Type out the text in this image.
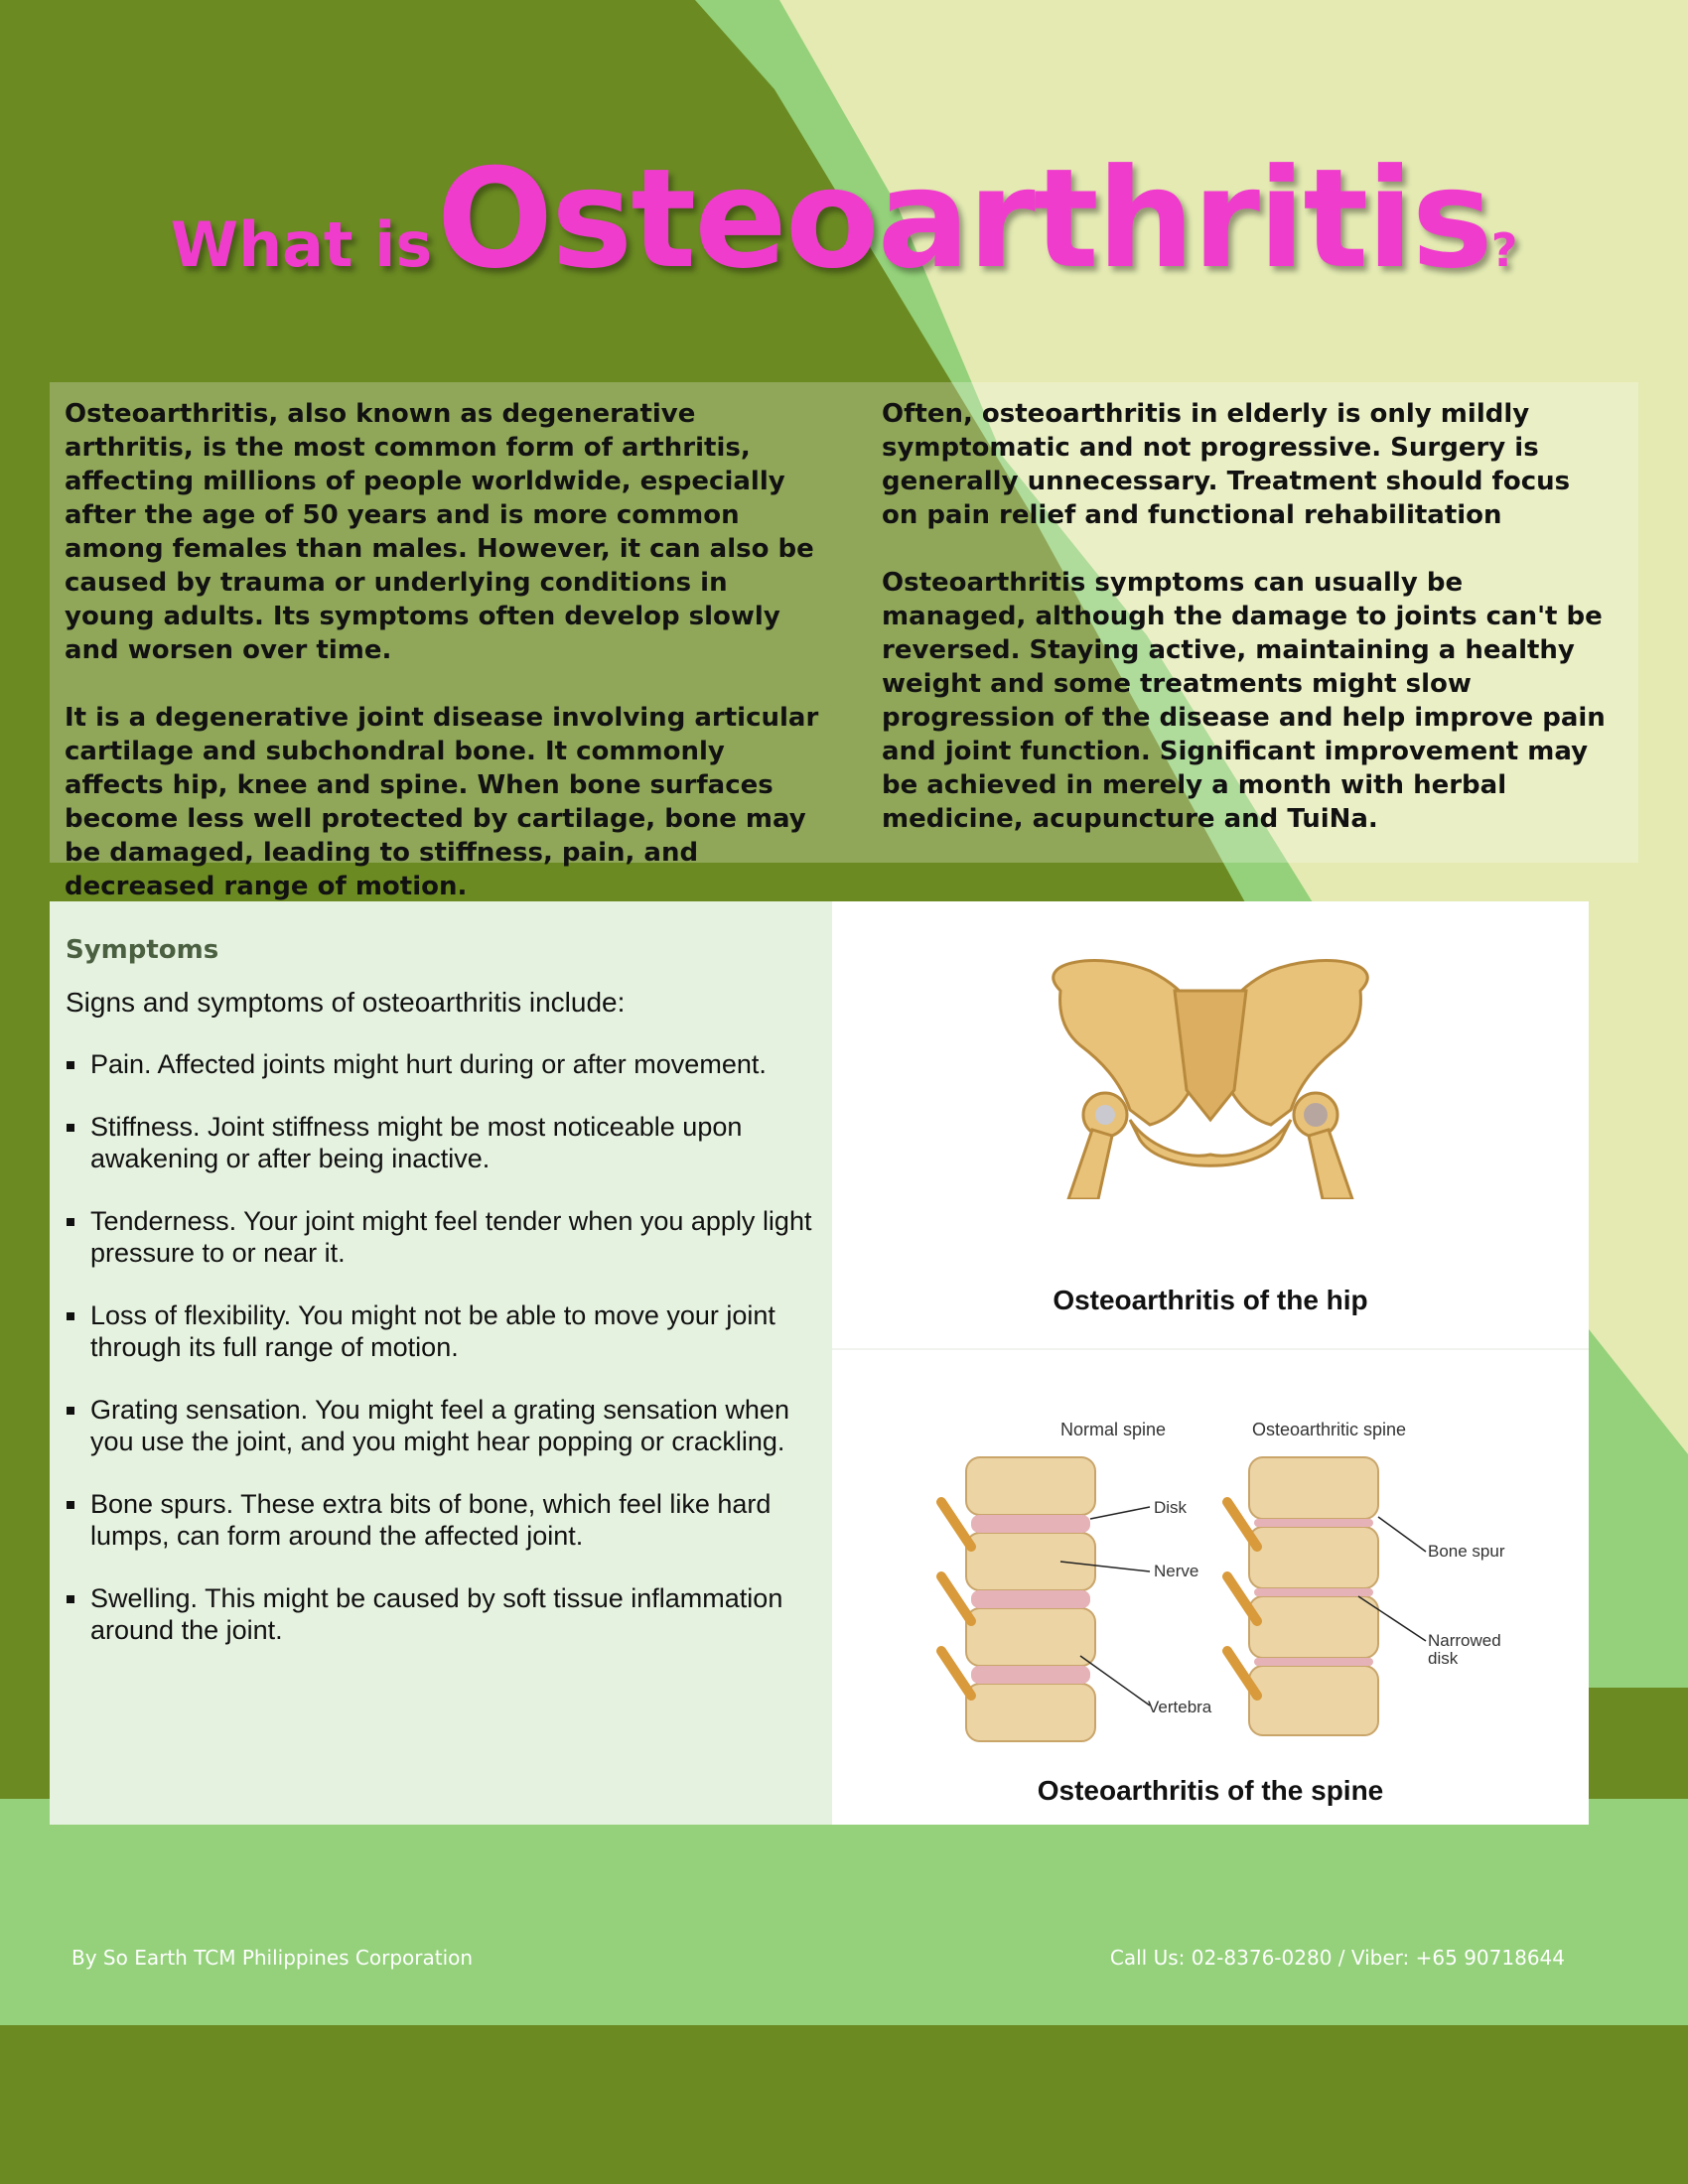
What is Osteoarthritis?

Osteoarthritis, also known as degenerative arthritis, is the most common form of arthritis, affecting millions of people worldwide, especially after the age of 50 years and is more common among females than males. However, it can also be caused by trauma or underlying conditions in young adults. Its symptoms often develop slowly and worsen over time.

It is a degenerative joint disease involving articular cartilage and subchondral bone. It commonly affects hip, knee and spine. When bone surfaces become less well protected by cartilage, bone may be damaged, leading to stiffness, pain, and decreased range of motion.

Often, osteoarthritis in elderly is only mildly symptomatic and not progressive. Surgery is generally unnecessary. Treatment should focus on pain relief and functional rehabilitation

Osteoarthritis symptoms can usually be managed, although the damage to joints can't be reversed. Staying active, maintaining a healthy weight and some treatments might slow progression of the disease and help improve pain and joint function. Significant improvement may be achieved in merely a month with herbal medicine, acupuncture and TuiNa.

Symptoms
Signs and symptoms of osteoarthritis include:
Pain. Affected joints might hurt during or after movement.
Stiffness. Joint stiffness might be most noticeable upon awakening or after being inactive.
Tenderness. Your joint might feel tender when you apply light pressure to or near it.
Loss of flexibility. You might not be able to move your joint through its full range of motion.
Grating sensation. You might feel a grating sensation when you use the joint, and you might hear popping or crackling.
Bone spurs. These extra bits of bone, which feel like hard lumps, can form around the affected joint.
Swelling. This might be caused by soft tissue inflammation around the joint.
Osteoarthritis of the hip
Normal spine	Osteoarthritic spine
Disk
Nerve
Vertebra
Bone spur
Narrowed
disk
Osteoarthritis of the spine
By So Earth TCM Philippines Corporation	Call Us: 02-8376-0280 / Viber: +65 90718644
